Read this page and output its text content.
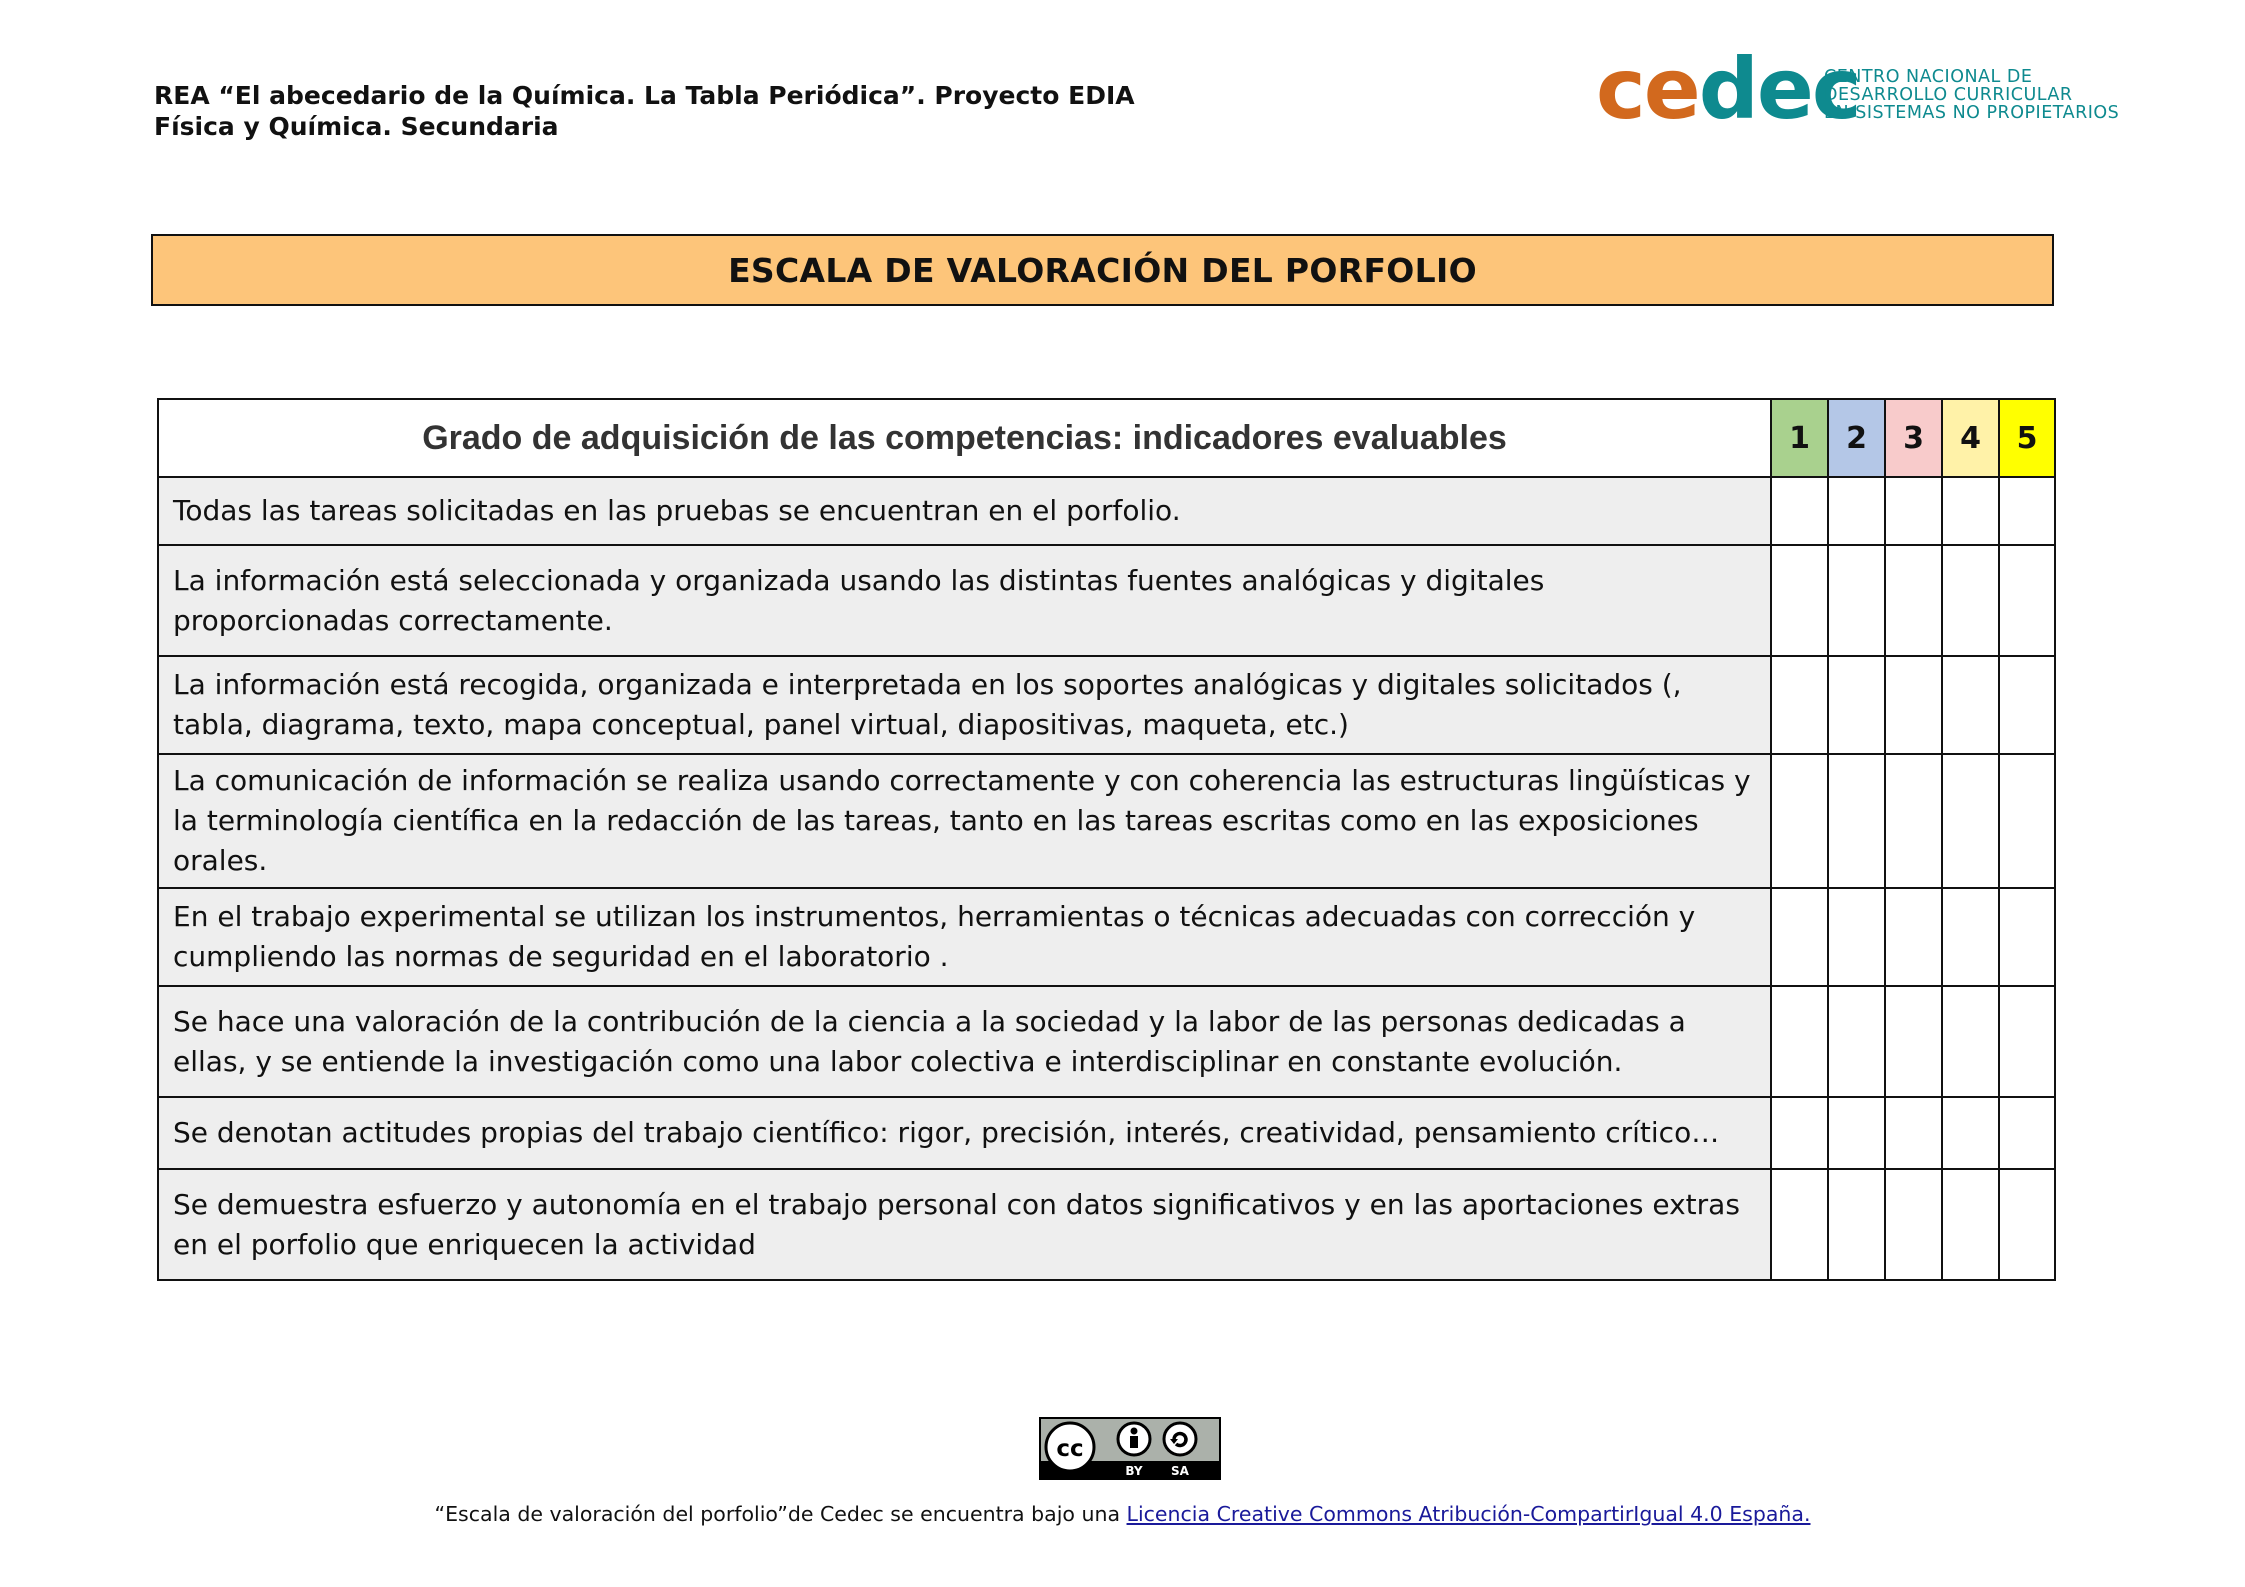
REA “El abecedario de la Química. La Tabla Periódica”. Proyecto EDIA
Física y Química. Secundaria	cedec
CENTRO NACIONAL DE
DESARROLLO CURRICULAR
EN SISTEMAS NO PROPIETARIOS
ESCALA DE VALORACIÓN DEL PORFOLIO
Grado de adquisición de las competencias: indicadores evaluables	1	2	3	4	5
Todas las tareas solicitadas en las pruebas se encuentran en el porfolio.					
La información está seleccionada y organizada usando las distintas fuentes analógicas y digitales proporcionadas correctamente.					
La información está recogida, organizada e interpretada en los soportes analógicas y digitales solicitados (, tabla, diagrama, texto, mapa conceptual, panel virtual, diapositivas, maqueta, etc.)					
La comunicación de información se realiza usando correctamente y con coherencia las estructuras lingüísticas y la terminología científica en la redacción de las tareas, tanto en las tareas escritas como en las exposiciones orales.					
En el trabajo experimental se utilizan los instrumentos, herramientas o técnicas adecuadas con corrección y cumpliendo las normas de seguridad en el laboratorio .					
Se hace una valoración de la contribución de la ciencia a la sociedad y la labor de las personas dedicadas a ellas, y se entiende la investigación como una labor colectiva e interdisciplinar en constante evolución.					
Se denotan actitudes propias del trabajo científico: rigor, precisión, interés, creatividad, pensamiento crítico…					
Se demuestra esfuerzo y autonomía en el trabajo personal con datos significativos y en las aportaciones extras en el porfolio que enriquecen la actividad					
cc
BY SA
“Escala de valoración del porfolio”de Cedec se encuentra bajo una Licencia Creative Commons Atribución-CompartirIgual 4.0 España.
